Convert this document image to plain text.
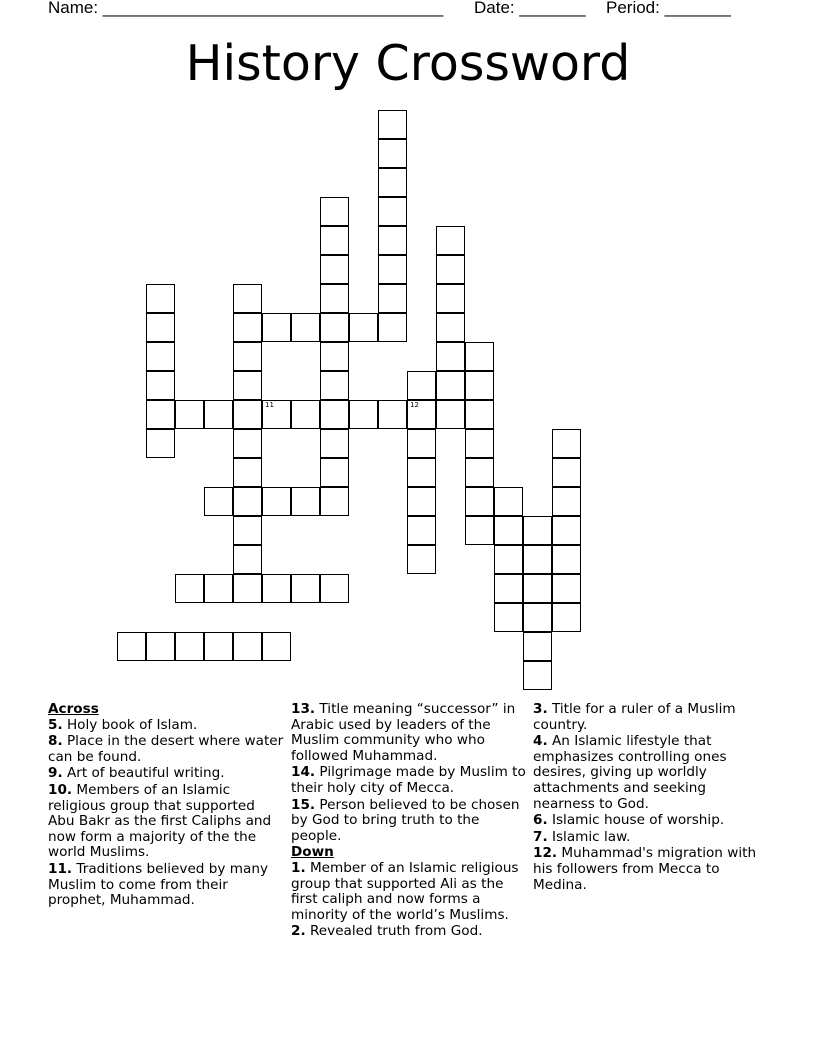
Name: ____________________________________

Date: _______

Period: _______

History Crossword
11	12
Across
5. Holy book of Islam.
8. Place in the desert where water can be found.
9. Art of beautiful writing.
10. Members of an Islamic religious group that supported Abu Bakr as the first Caliphs and now form a majority of the the world Muslims.
11. Traditions believed by many Muslim to come from their prophet, Muhammad.
13. Title meaning “successor” in Arabic used by leaders of the Muslim community who who followed Muhammad.
14. Pilgrimage made by Muslim to their holy city of Mecca.
15. Person believed to be chosen by God to bring truth to the people.
Down
1. Member of an Islamic religious group that supported Ali as the first caliph and now forms a minority of the world’s Muslims.
2. Revealed truth from God.
3. Title for a ruler of a Muslim country.
4. An Islamic lifestyle that emphasizes controlling ones desires, giving up worldly attachments and seeking nearness to God.
6. Islamic house of worship.
7. Islamic law.
12. Muhammad's migration with his followers from Mecca to Medina.
